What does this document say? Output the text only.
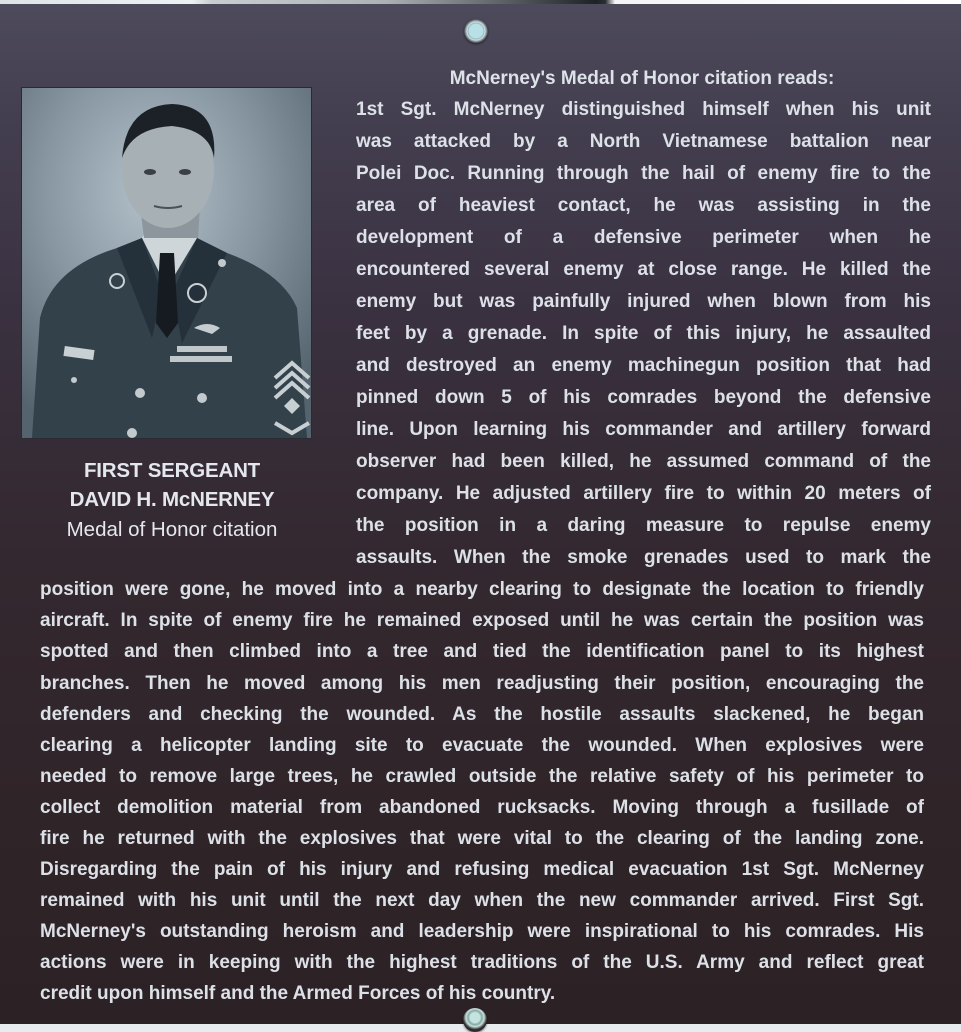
McNerney's Medal of Honor citation reads:
FIRST SERGEANT
DAVID H. McNERNEY
Medal of Honor citation
1st Sgt. McNerney distinguished himself when his unit
was attacked by a North Vietnamese battalion near
Polei Doc. Running through the hail of enemy fire to the
area of heaviest contact, he was assisting in the
development of a defensive perimeter when he
encountered several enemy at close range. He killed the
enemy but was painfully injured when blown from his
feet by a grenade. In spite of this injury, he assaulted
and destroyed an enemy machinegun position that had
pinned down 5 of his comrades beyond the defensive
line. Upon learning his commander and artillery forward
observer had been killed, he assumed command of the
company. He adjusted artillery fire to within 20 meters of
the position in a daring measure to repulse enemy
assaults. When the smoke grenades used to mark the
position were gone, he moved into a nearby clearing to designate the location to friendly
aircraft. In spite of enemy fire he remained exposed until he was certain the position was
spotted and then climbed into a tree and tied the identification panel to its highest
branches. Then he moved among his men readjusting their position, encouraging the
defenders and checking the wounded. As the hostile assaults slackened, he began
clearing a helicopter landing site to evacuate the wounded. When explosives were
needed to remove large trees, he crawled outside the relative safety of his perimeter to
collect demolition material from abandoned rucksacks. Moving through a fusillade of
fire he returned with the explosives that were vital to the clearing of the landing zone.
Disregarding the pain of his injury and refusing medical evacuation 1st Sgt. McNerney
remained with his unit until the next day when the new commander arrived. First Sgt.
McNerney's outstanding heroism and leadership were inspirational to his comrades. His
actions were in keeping with the highest traditions of the U.S. Army and reflect great
credit upon himself and the Armed Forces of his country.
